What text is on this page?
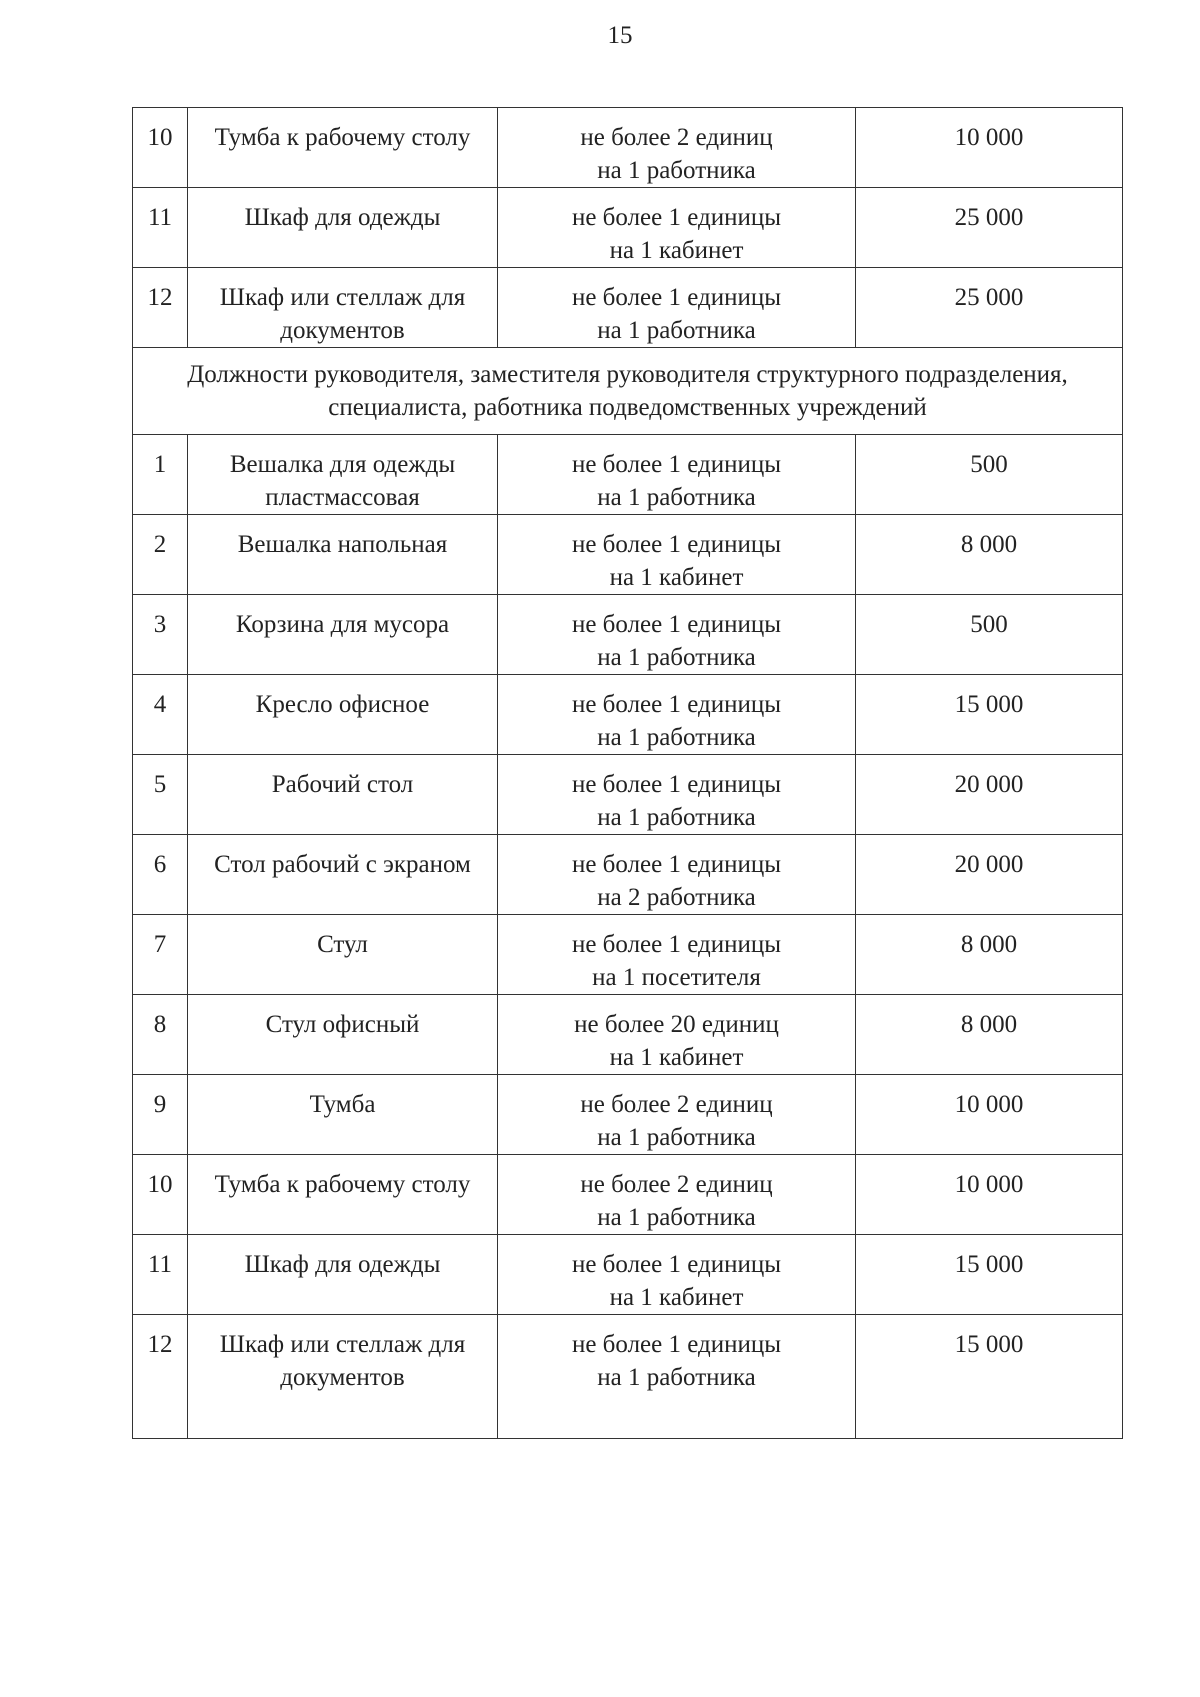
15
10	Тумба к рабочему столу	не более 2 единиц
на 1 работника	10 000
11	Шкаф для одежды	не более 1 единицы
на 1 кабинет	25 000
12	Шкаф или стеллаж для документов	не более 1 единицы
на 1 работника	25 000
Должности руководителя, заместителя руководителя структурного подразделения, специалиста, работника подведомственных учреждений			
1	Вешалка для одежды пластмассовая	не более 1 единицы
на 1 работника	500
2	Вешалка напольная	не более 1 единицы
на 1 кабинет	8 000
3	Корзина для мусора	не более 1 единицы
на 1 работника	500
4	Кресло офисное	не более 1 единицы
на 1 работника	15 000
5	Рабочий стол	не более 1 единицы
на 1 работника	20 000
6	Стол рабочий с экраном	не более 1 единицы
на 2 работника	20 000
7	Стул	не более 1 единицы
на 1 посетителя	8 000
8	Стул офисный	не более 20 единиц
на 1 кабинет	8 000
9	Тумба	не более 2 единиц
на 1 работника	10 000
10	Тумба к рабочему столу	не более 2 единиц
на 1 работника	10 000
11	Шкаф для одежды	не более 1 единицы
на 1 кабинет	15 000
12	Шкаф или стеллаж для документов	не более 1 единицы
на 1 работника	15 000
